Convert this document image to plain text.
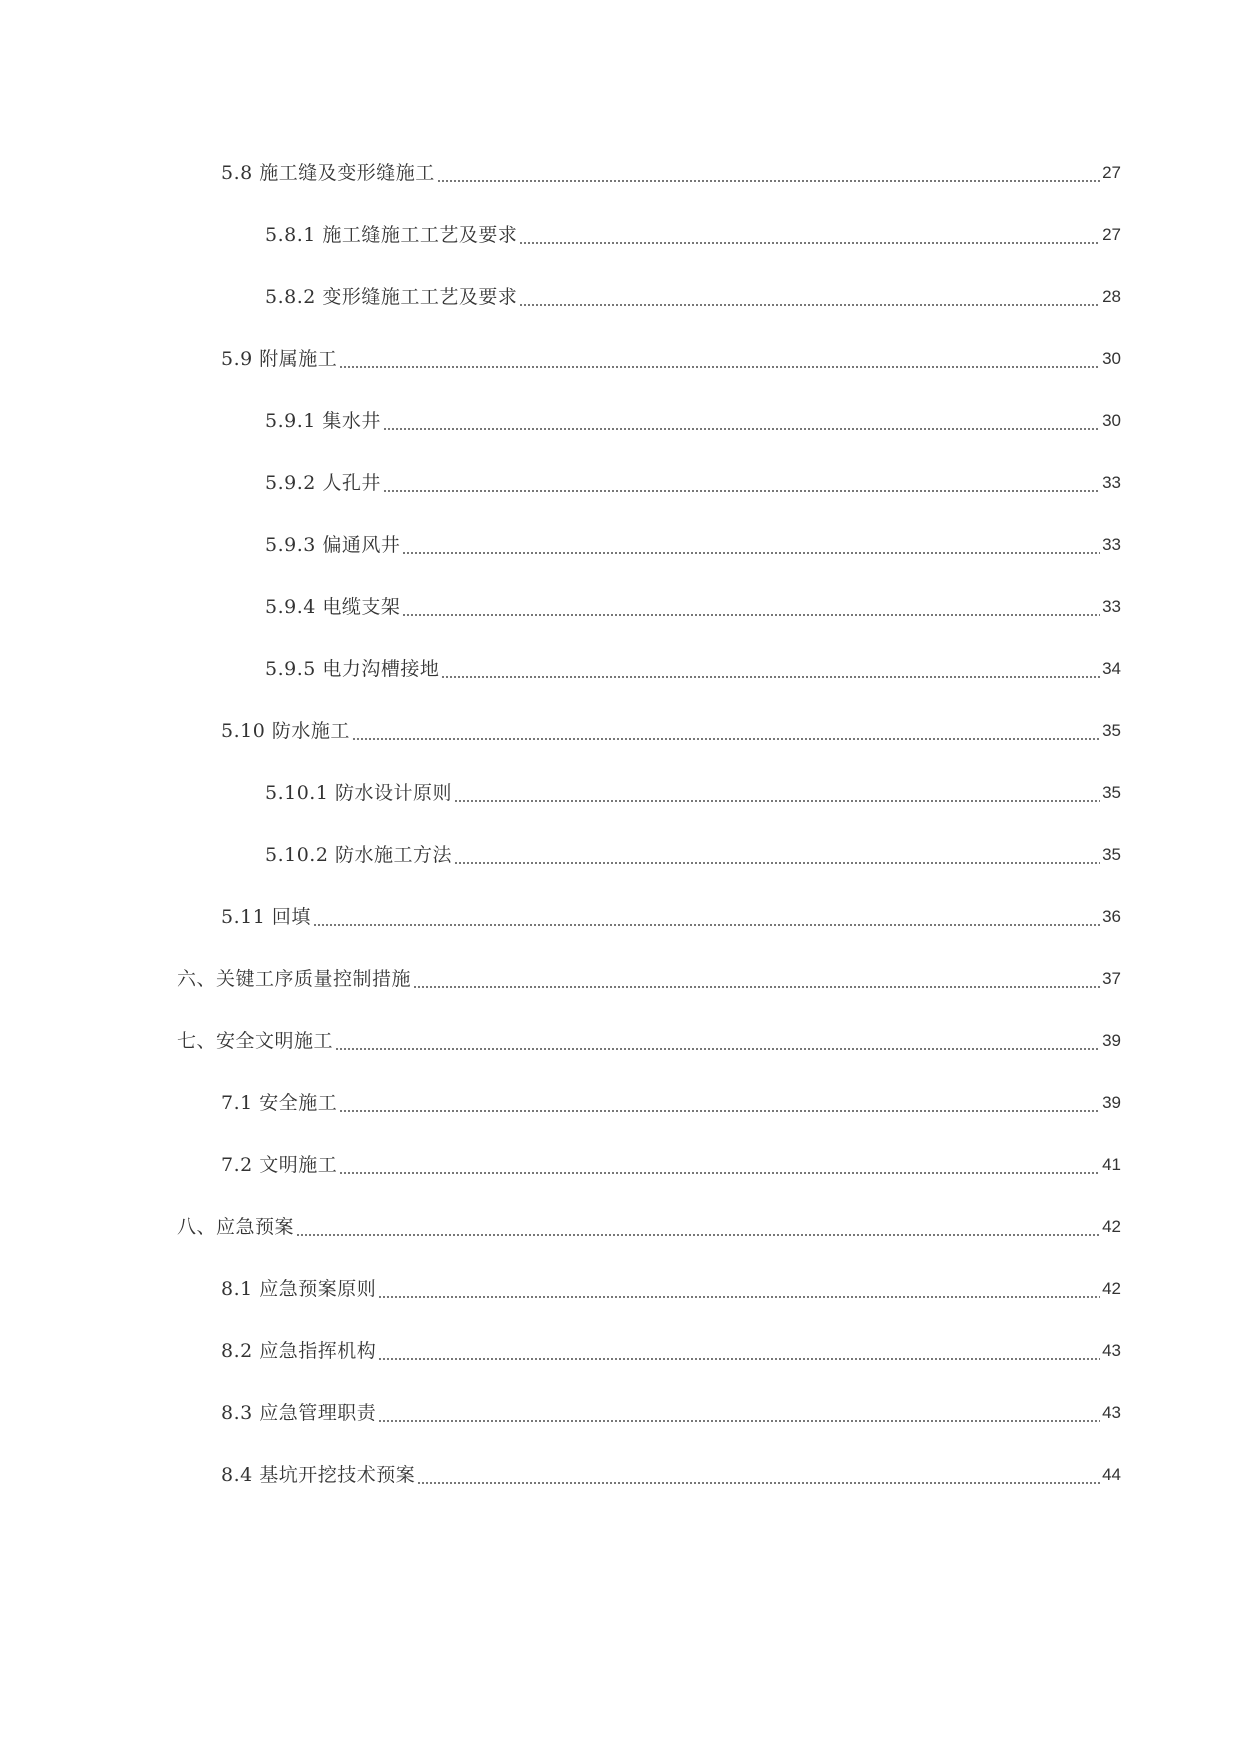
5.8 施工缝及变形缝施工	27
5.8.1 施工缝施工工艺及要求	27
5.8.2 变形缝施工工艺及要求	28
5.9 附属施工	30
5.9.1 集水井	30
5.9.2 人孔井	33
5.9.3 偏通风井	33
5.9.4 电缆支架	33
5.9.5 电力沟槽接地	34
5.10 防水施工	35
5.10.1 防水设计原则	35
5.10.2 防水施工方法	35
5.11 回填	36
六、关键工序质量控制措施	37
七、安全文明施工	39
7.1 安全施工	39
7.2 文明施工	41
八、应急预案	42
8.1 应急预案原则	42
8.2 应急指挥机构	43
8.3 应急管理职责	43
8.4 基坑开挖技术预案	44
